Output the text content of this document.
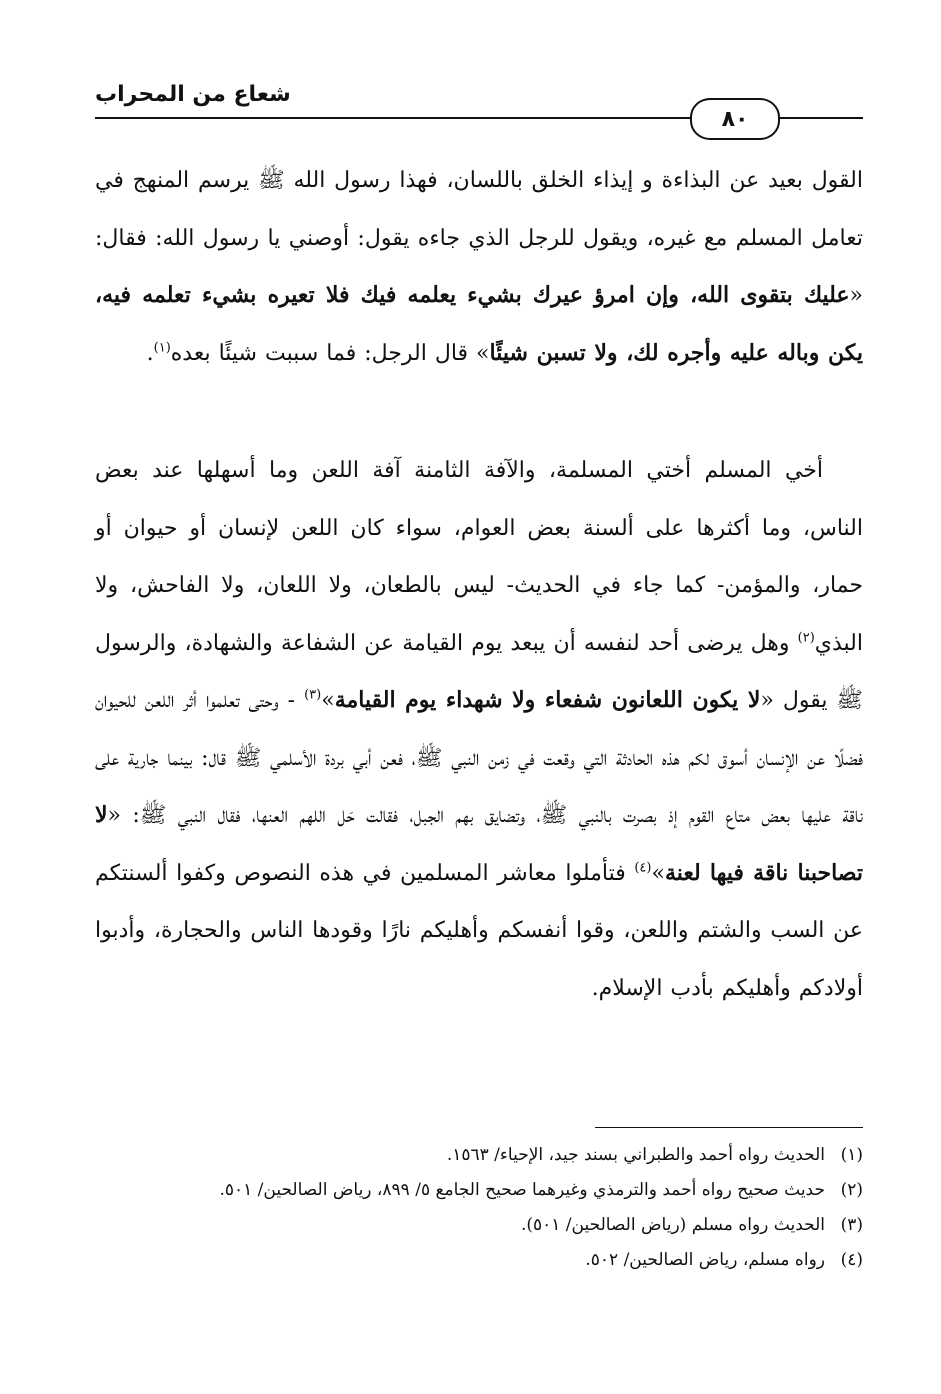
شعاع من المحراب
٨٠
القول بعيد عن البذاءة و إيذاء الخلق باللسان، فهذا رسول الله ﷺ يرسم المنهج في تعامل المسلم مع غيره، ويقول للرجل الذي جاءه يقول: أوصني يا رسول الله: فقال: «عليك بتقوى الله، وإن امرؤ عيرك بشيء يعلمه فيك فلا تعيره بشيء تعلمه فيه، يكن وباله عليه وأجره لك، ولا تسبن شيئًا» قال الرجل: فما سببت شيئًا بعده$^{(١)}$.
أخي المسلم أختي المسلمة، والآفة الثامنة آفة اللعن وما أسهلها عند بعض الناس، وما أكثرها على ألسنة بعض العوام، سواء كان اللعن لإنسان أو حيوان أو حمار، والمؤمن- كما جاء في الحديث- ليس بالطعان، ولا اللعان، ولا الفاحش، ولا البذي$^{(٢)}$ وهل يرضى أحد لنفسه أن يبعد يوم القيامة عن الشفاعة والشهادة، والرسول ﷺ يقول «لا يكون اللعانون شفعاء ولا شهداء يوم القيامة»$^{(٣)}$ - وحتى تعلموا أثر اللعن للحيوان فضلًا عن الإنسان أسوق لكم هذه الحادثة التي وقعت في زمن النبي ﷺ، فعن أبي بردة الأسلمي ﷺ قال: بينما جارية على ناقة عليها بعض متاع القوم إذ بصرت بالنبي ﷺ، وتضايق بهم الجبل، فقالت حَل اللهم العنها، فقال النبي ﷺ: «لا تصاحبنا ناقة فيها لعنة»$^{(٤)}$ فتأملوا معاشر المسلمين في هذه النصوص وكفوا ألسنتكم عن السب والشتم واللعن، وقوا أنفسكم وأهليكم نارًا وقودها الناس والحجارة، وأدبوا أولادكم وأهليكم بأدب الإسلام.
(١)
الحديث رواه أحمد والطبراني بسند جيد، الإحياء/ ١٥٦٣.
(٢)
حديث صحيح رواه أحمد والترمذي وغيرهما صحيح الجامع ٥/ ٨٩٩، رياض الصالحين/ ٥٠١.
(٣)
الحديث رواه مسلم (رياض الصالحين/ ٥٠١).
(٤)
رواه مسلم، رياض الصالحين/ ٥٠٢.
